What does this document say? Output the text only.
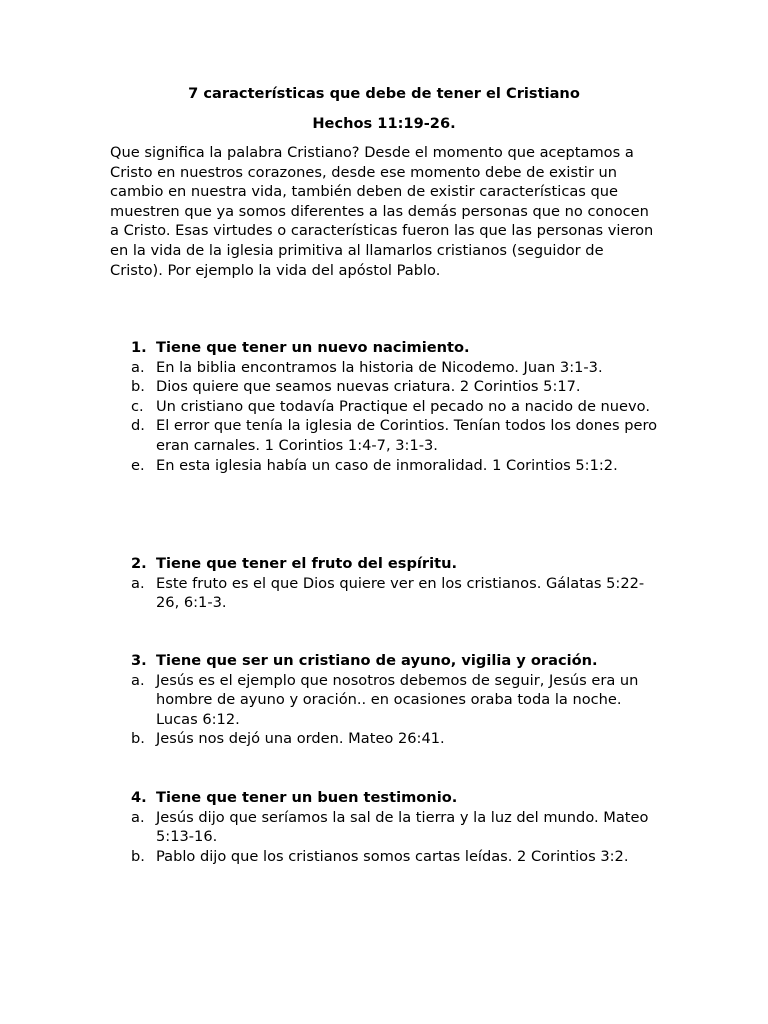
7 características que debe de tener el Cristiano
Hechos 11:19-26.

Que significa la palabra Cristiano? Desde el momento que aceptamos a Cristo en nuestros corazones, desde ese momento debe de existir un cambio en nuestra vida, también deben de existir características que muestren que ya somos diferentes a las demás personas que no conocen a Cristo. Esas virtudes o características fueron las que las personas vieron en la vida de la iglesia primitiva al llamarlos cristianos (seguidor de Cristo). Por ejemplo la vida del apóstol Pablo.

1. Tiene que tener un nuevo nacimiento.
a. En la biblia encontramos la historia de Nicodemo. Juan 3:1-3.
b. Dios quiere que seamos nuevas criatura. 2 Corintios 5:17.
c. Un cristiano que todavía Practique el pecado no a nacido de nuevo.
d. El error que tenía la iglesia de Corintios. Tenían todos los dones pero eran carnales. 1 Corintios 1:4-7, 3:1-3.
e. En esta iglesia había un caso de inmoralidad. 1 Corintios 5:1:2.
2. Tiene que tener el fruto del espíritu.
a. Este fruto es el que Dios quiere ver en los cristianos. Gálatas 5:22-26, 6:1-3.
3. Tiene que ser un cristiano de ayuno, vigilia y oración.
a. Jesús es el ejemplo que nosotros debemos de seguir, Jesús era un hombre de ayuno y oración.. en ocasiones oraba toda la noche. Lucas 6:12.
b. Jesús nos dejó una orden. Mateo 26:41.
4. Tiene que tener un buen testimonio.
a. Jesús dijo que seríamos la sal de la tierra y la luz del mundo. Mateo 5:13-16.
b. Pablo dijo que los cristianos somos cartas leídas. 2 Corintios 3:2.
